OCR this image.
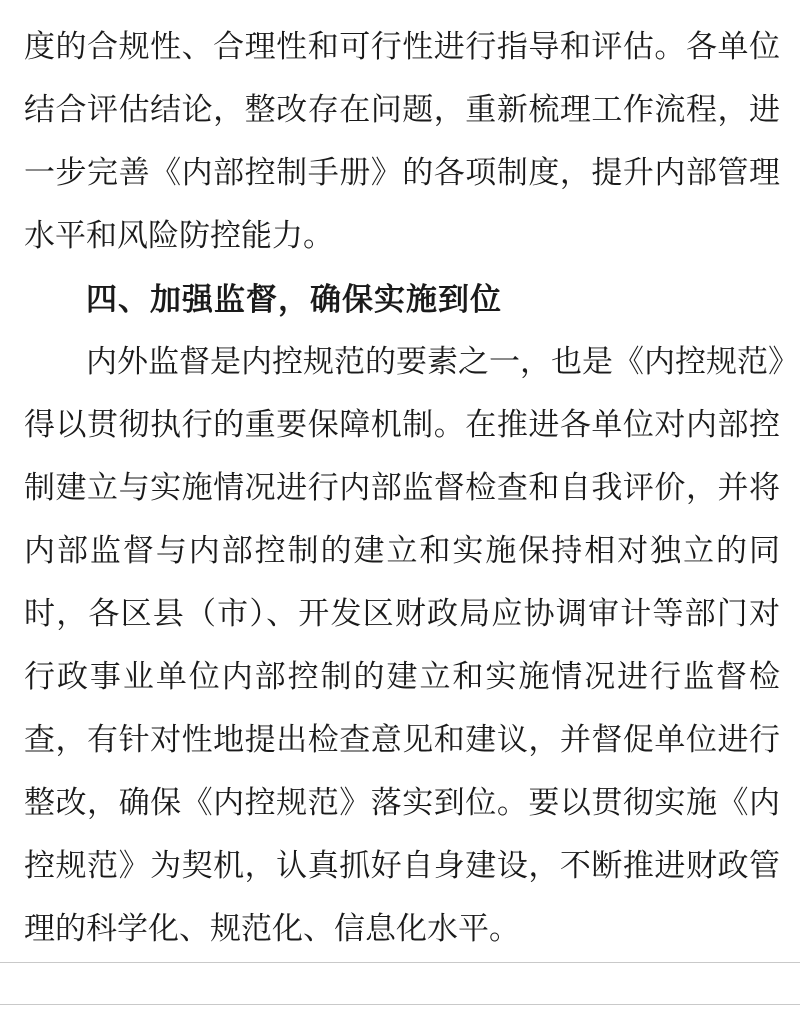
度的合规性、合理性和可行性进行指导和评估。各单位
结合评估结论，整改存在问题，重新梳理工作流程，进
一步完善《内部控制手册》的各项制度，提升内部管理
水平和风险防控能力。
四、加强监督，确保实施到位
内外监督是内控规范的要素之一，也是《内控规范》
得以贯彻执行的重要保障机制。在推进各单位对内部控
制建立与实施情况进行内部监督检查和自我评价，并将
内部监督与内部控制的建立和实施保持相对独立的同
时，各区县（市）、开发区财政局应协调审计等部门对
行政事业单位内部控制的建立和实施情况进行监督检
查，有针对性地提出检查意见和建议，并督促单位进行
整改，确保《内控规范》落实到位。要以贯彻实施《内
控规范》为契机，认真抓好自身建设，不断推进财政管
理的科学化、规范化、信息化水平。
